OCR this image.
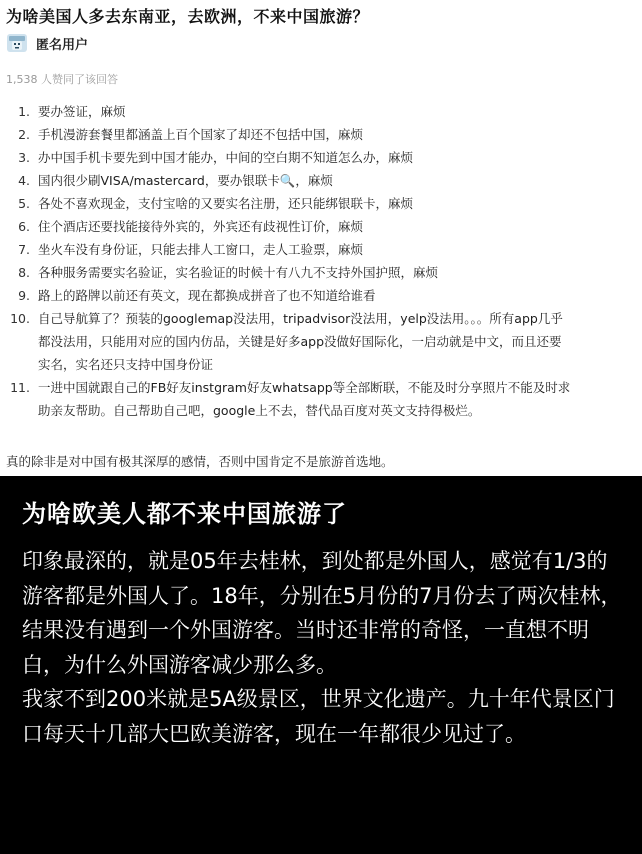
为啥美国人多去东南亚，去欧洲，不来中国旅游？
匿名用户
1,538 人赞同了该回答
1. 要办签证，麻烦
2. 手机漫游套餐里都涵盖上百个国家了却还不包括中国，麻烦
3. 办中国手机卡要先到中国才能办，中间的空白期不知道怎么办，麻烦
4. 国内很少刷VISA/mastercard，要办银联卡🔍，麻烦
5. 各处不喜欢现金，支付宝啥的又要实名注册，还只能绑银联卡，麻烦
6. 住个酒店还要找能接待外宾的，外宾还有歧视性订价，麻烦
7. 坐火车没有身份证，只能去排人工窗口，走人工验票，麻烦
8. 各种服务需要实名验证，实名验证的时候十有八九不支持外国护照，麻烦
9. 路上的路牌以前还有英文，现在都换成拼音了也不知道给谁看
10. 自己导航算了？预装的googlemap没法用，tripadvisor没法用，yelp没法用。。。所有app几乎
都没法用，只能用对应的国内仿品，关键是好多app没做好国际化，一启动就是中文，而且还要
实名，实名还只支持中国身份证
11. 一进中国就跟自己的FB好友instgram好友whatsapp等全部断联，不能及时分享照片不能及时求
助亲友帮助。自己帮助自己吧，google上不去，替代品百度对英文支持得极烂。
真的除非是对中国有极其深厚的感情，否则中国肯定不是旅游首选地。
为啥欧美人都不来中国旅游了

印象最深的，就是05年去桂林，到处都是外国人，感觉有1/3的游客都是外国人了。18年，分别在5月份的7月份去了两次桂林，结果没有遇到一个外国游客。当时还非常的奇怪，一直想不明白，为什么外国游客减少那么多。

我家不到200米就是5A级景区，世界文化遗产。九十年代景区门口每天十几部大巴欧美游客，现在一年都很少见过了。
